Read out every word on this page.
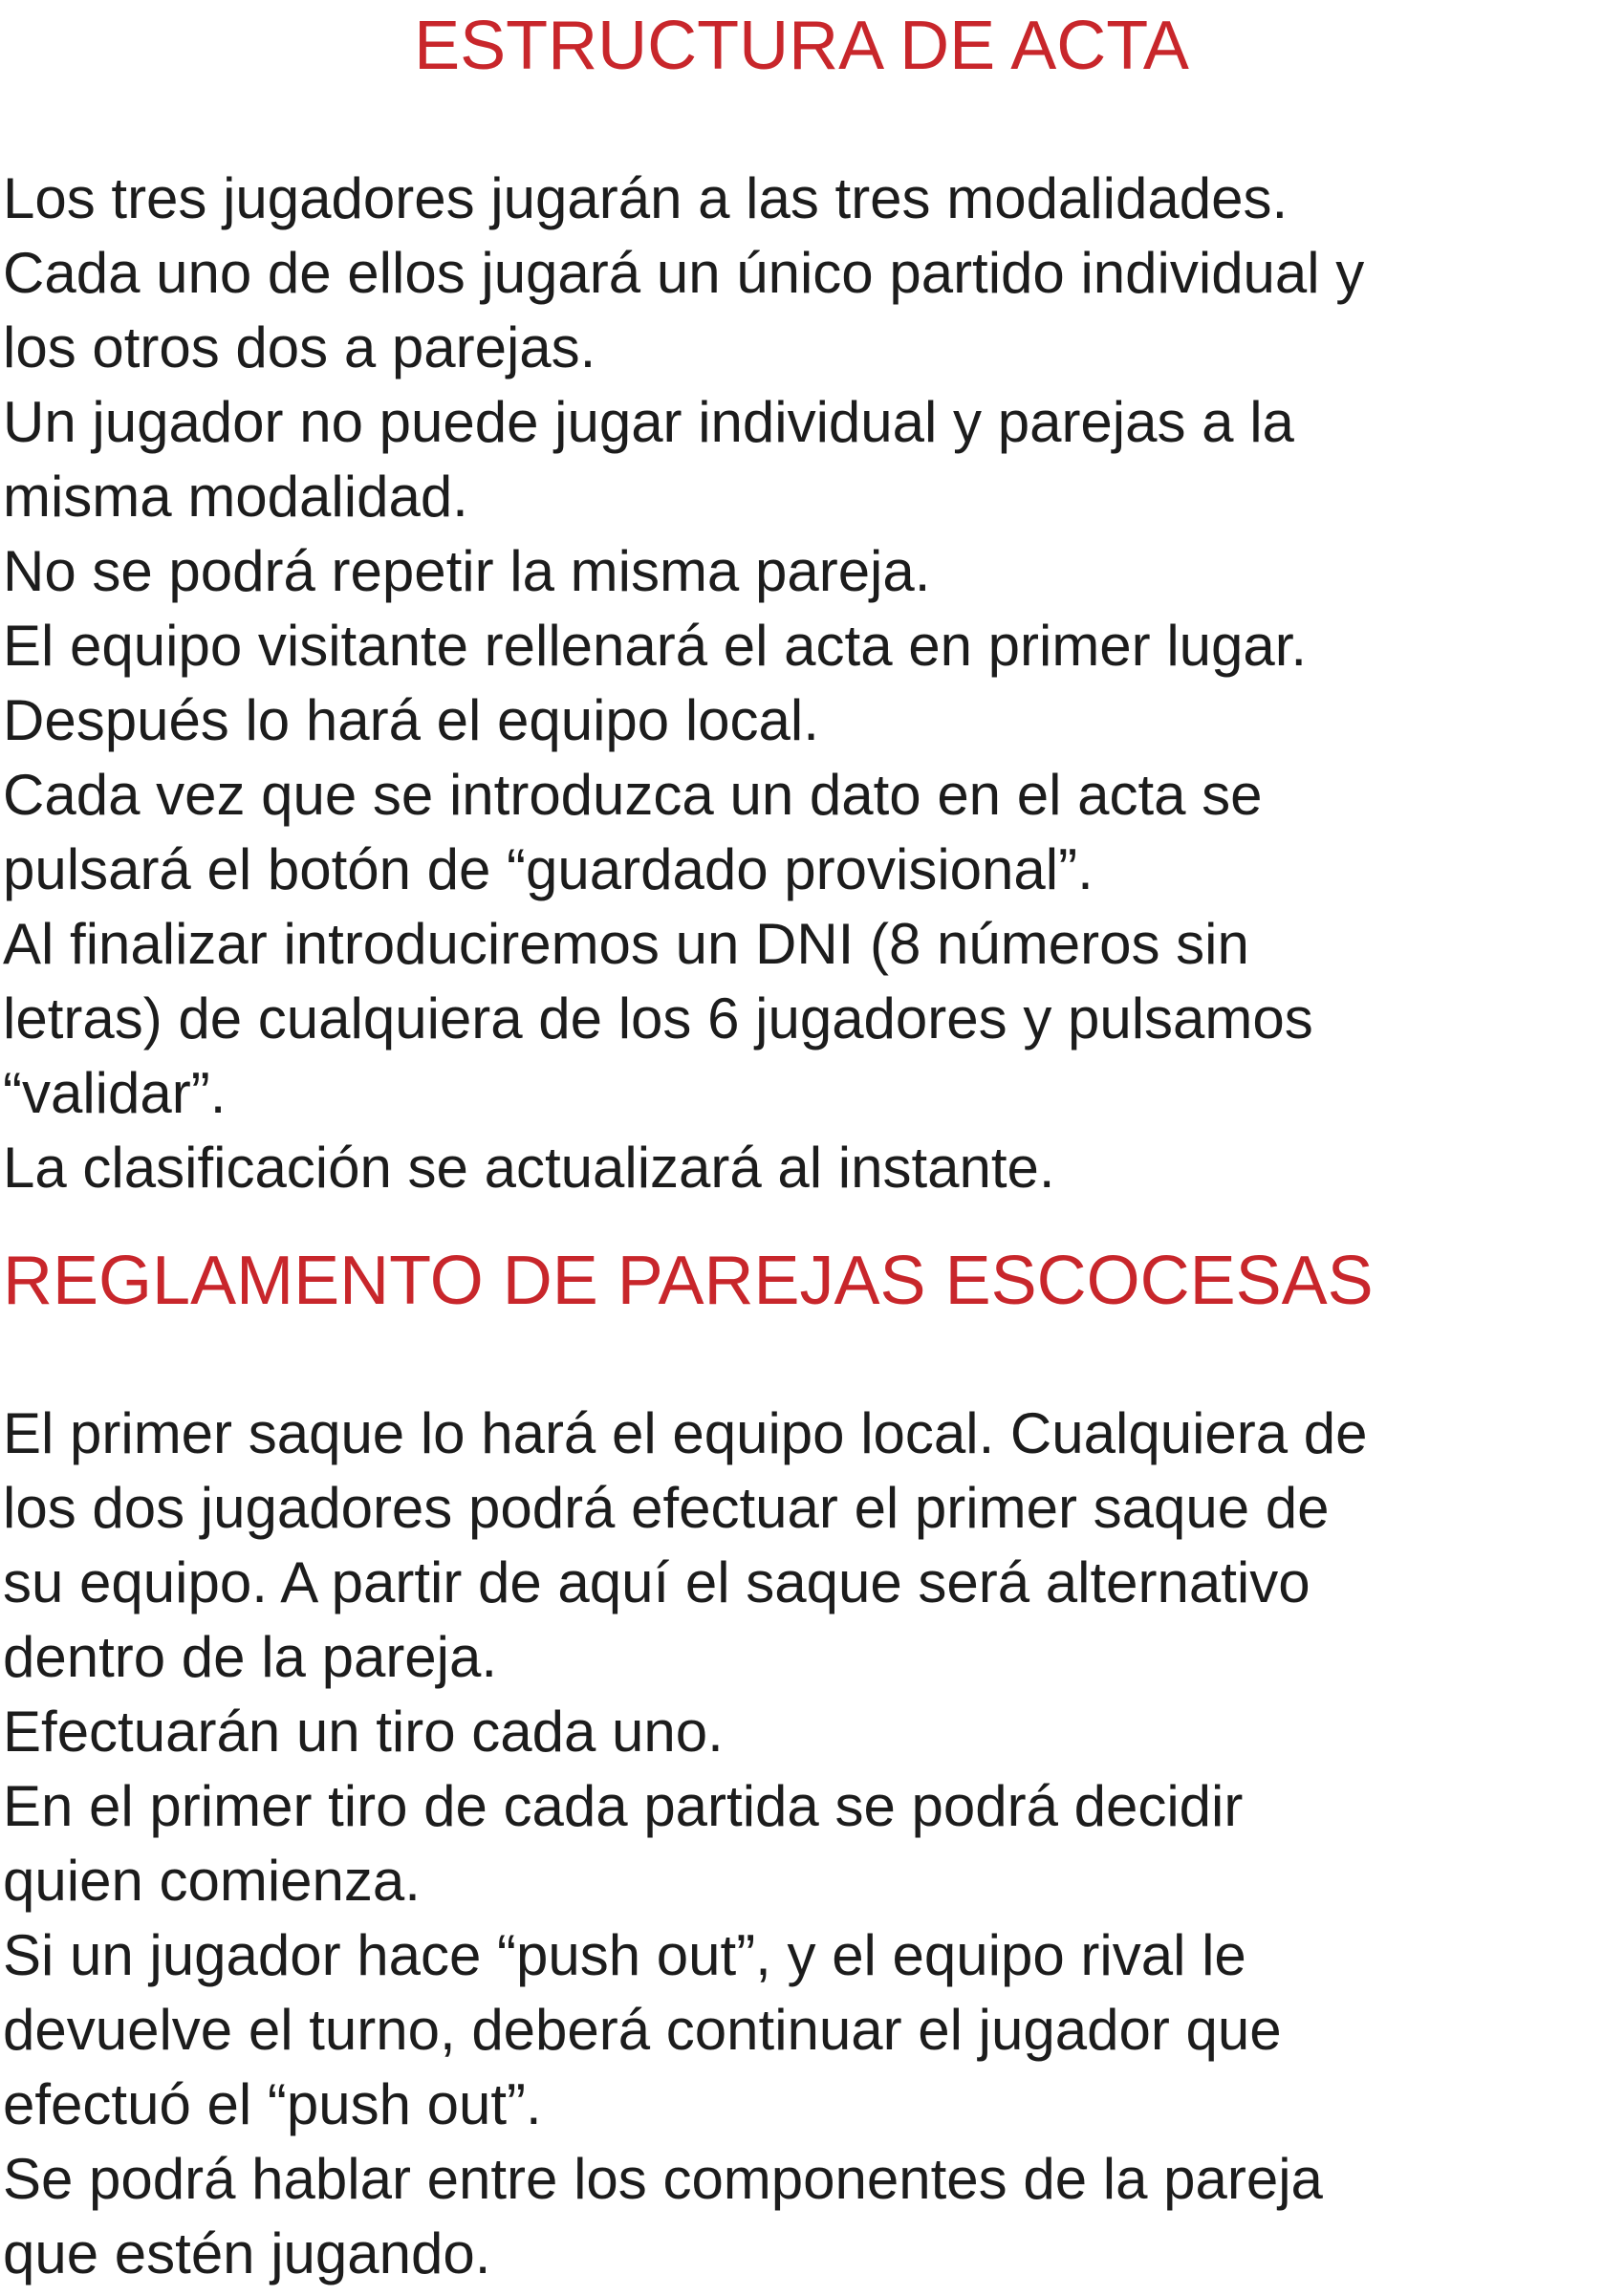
ESTRUCTURA DE ACTA
Los tres jugadores jugarán a las tres modalidades.
Cada uno de ellos jugará un único partido individual y
los otros dos a parejas.
Un jugador no puede jugar individual y parejas a la
misma modalidad.
No se podrá repetir la misma pareja.
El equipo visitante rellenará el acta en primer lugar.
Después lo hará el equipo local.
Cada vez que se introduzca un dato en el acta se
pulsará el botón de “guardado provisional”.
Al finalizar introduciremos un DNI (8 números sin
letras) de cualquiera de los 6 jugadores y pulsamos
“validar”.
La clasificación se actualizará al instante.
REGLAMENTO DE PAREJAS ESCOCESAS
El primer saque lo hará el equipo local. Cualquiera de
los dos jugadores podrá efectuar el primer saque de
su equipo. A partir de aquí el saque será alternativo
dentro de la pareja.
Efectuarán un tiro cada uno.
En el primer tiro de cada partida se podrá decidir
quien comienza.
Si un jugador hace “push out”, y el equipo rival le
devuelve el turno, deberá continuar el jugador que
efectuó el “push out”.
Se podrá hablar entre los componentes de la pareja
que estén jugando.
